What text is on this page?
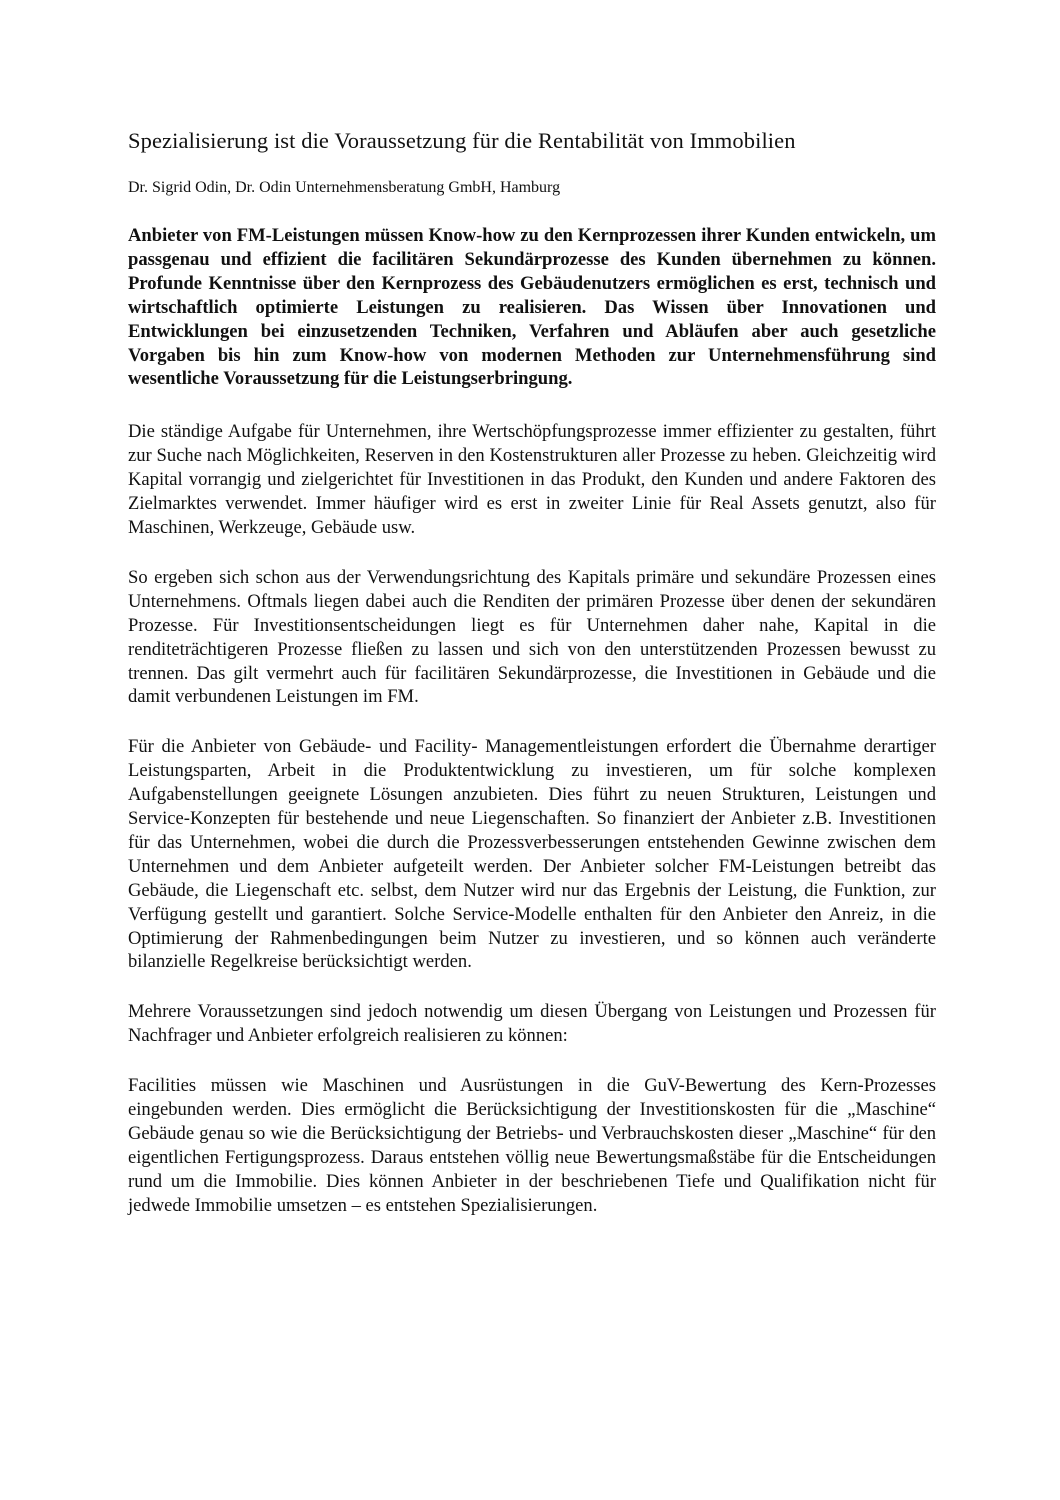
Spezialisierung ist die Voraussetzung für die Rentabilität von Immobilien
Dr. Sigrid Odin, Dr. Odin Unternehmensberatung GmbH, Hamburg

Anbieter von FM-Leistungen müssen Know-how zu den Kernprozessen ihrer Kunden entwickeln, um passgenau und effizient die facilitären Sekundärprozesse des Kunden übernehmen zu können. Profunde Kenntnisse über den Kernprozess des Gebäudenutzers ermöglichen es erst, technisch und wirtschaftlich optimierte Leistungen zu realisieren. Das Wissen über Innovationen und Entwicklungen bei einzusetzenden Techniken, Verfahren und Abläufen aber auch gesetzliche Vorgaben bis hin zum Know-how von modernen Methoden zur Unternehmensführung sind wesentliche Voraussetzung für die Leistungserbringung.

Die ständige Aufgabe für Unternehmen, ihre Wertschöpfungsprozesse immer effizienter zu gestalten, führt zur Suche nach Möglichkeiten, Reserven in den Kostenstrukturen aller Prozesse zu heben. Gleichzeitig wird Kapital vorrangig und zielgerichtet für Investitionen in das Produkt, den Kunden und andere Faktoren des Zielmarktes verwendet. Immer häufiger wird es erst in zweiter Linie für Real Assets genutzt, also für Maschinen, Werkzeuge, Gebäude usw.

So ergeben sich schon aus der Verwendungsrichtung des Kapitals primäre und sekundäre Prozessen eines Unternehmens. Oftmals liegen dabei auch die Renditen der primären Prozesse über denen der sekundären Prozesse. Für Investitionsentscheidungen liegt es für Unternehmen daher nahe, Kapital in die renditeträchtigeren Prozesse fließen zu lassen und sich von den unterstützenden Prozessen bewusst zu trennen. Das gilt vermehrt auch für facilitären Sekundärprozesse, die Investitionen in Gebäude und die damit verbundenen Leistungen im FM.

Für die Anbieter von Gebäude- und Facility- Managementleistungen erfordert die Übernahme derartiger Leistungsparten, Arbeit in die Produktentwicklung zu investieren, um für solche komplexen Aufgabenstellungen geeignete Lösungen anzubieten. Dies führt zu neuen Strukturen, Leistungen und Service-Konzepten für bestehende und neue Liegenschaften. So finanziert der Anbieter z.B. Investitionen für das Unternehmen, wobei die durch die Prozessverbesserungen entstehenden Gewinne zwischen dem Unternehmen und dem Anbieter aufgeteilt werden. Der Anbieter solcher FM-Leistungen betreibt das Gebäude, die Liegenschaft etc. selbst, dem Nutzer wird nur das Ergebnis der Leistung, die Funktion, zur Verfügung gestellt und garantiert. Solche Service-Modelle enthalten für den Anbieter den Anreiz, in die Optimierung der Rahmenbedingungen beim Nutzer zu investieren, und so können auch veränderte bilanzielle Regelkreise berücksichtigt werden.

Mehrere Voraussetzungen sind jedoch notwendig um diesen Übergang von Leistungen und Prozessen für Nachfrager und Anbieter erfolgreich realisieren zu können:

Facilities müssen wie Maschinen und Ausrüstungen in die GuV-Bewertung des Kern-Prozesses eingebunden werden. Dies ermöglicht die Berücksichtigung der Investitionskosten für die „Maschine“ Gebäude genau so wie die Berücksichtigung der Betriebs- und Verbrauchskosten dieser „Maschine“ für den eigentlichen Fertigungsprozess. Daraus entstehen völlig neue Bewertungsmaßstäbe für die Entscheidungen rund um die Immobilie. Dies können Anbieter in der beschriebenen Tiefe und Qualifikation nicht für jedwede Immobilie umsetzen – es entstehen Spezialisierungen.
